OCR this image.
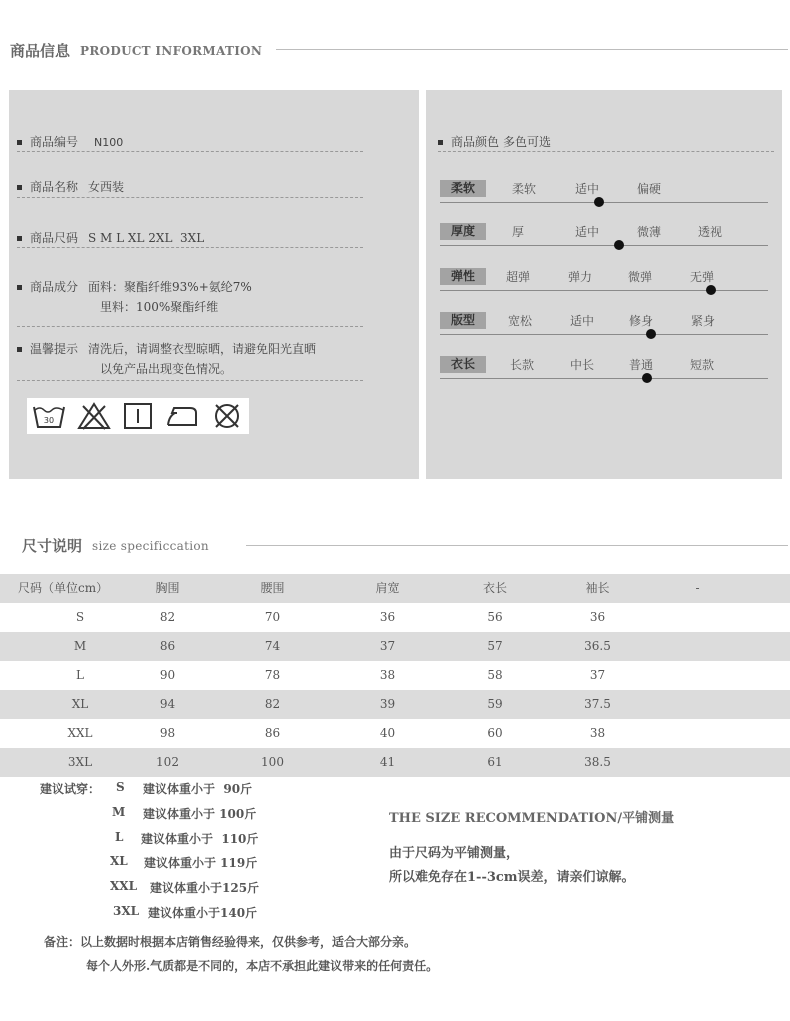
商品信息 PRODUCT INFORMATION
商品编号 N100
商品名称 女西装
商品尺码 S M L XL 2XL  3XL
商品成分 面料：聚酯纤维93%+氨纶7%
里料：100%聚酯纤维
温馨提示 清洗后，请调整衣型晾晒，请避免阳光直晒
以免产品出现变色情况。
30
商品颜色 多色可选
柔软	柔软	适中	偏硬
厚度	厚	适中	微薄	透视
弹性	超弹	弹力	微弹	无弹
版型	宽松	适中	修身	紧身
衣长	长款	中长	普通	短款
尺寸说明 size specificcation
尺码（单位cm）	胸围	腰围	肩宽	衣长	袖长	-
S	82	70	36	56	36
M	86	74	37	57	36.5
L	90	78	38	58	37
XL	94	82	39	59	37.5
XXL	98	86	40	60	38
3XL	102	100	41	61	38.5
建议试穿： S 建议体重小于  90斤
M 建议体重小于 100斤
L 建议体重小于  110斤
XL 建议体重小于 119斤
XXL 建议体重小于125斤
3XL 建议体重小于140斤
THE SIZE RECOMMENDATION/平铺测量
由于尺码为平铺测量，
所以难免存在1--3cm误差，请亲们谅解。
备注：以上数据时根据本店销售经验得来，仅供参考，适合大部分亲。
每个人外形.气质都是不同的，本店不承担此建议带来的任何责任。
